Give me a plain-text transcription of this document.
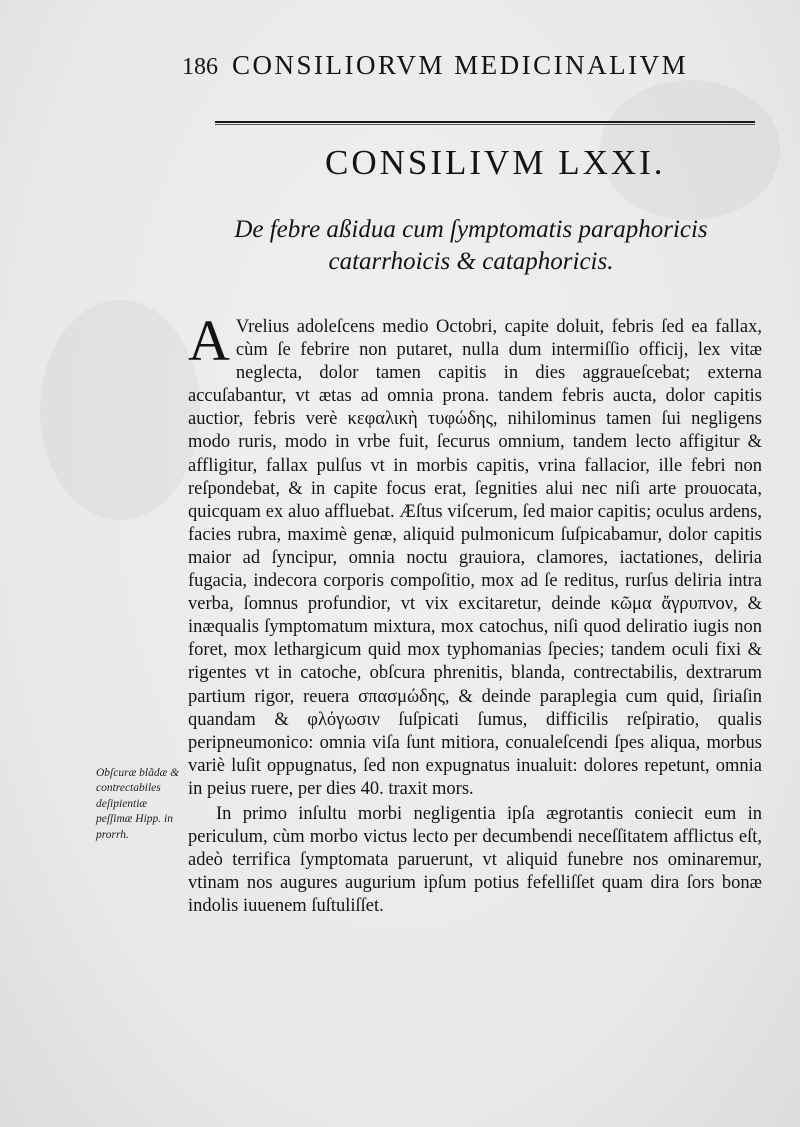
186 CONSILIORVM MEDICINALIVM
CONSILIVM LXXI.
De febre aßidua cum ſymptomatis paraphoricis catarrhoicis & cataphoricis.

AVrelius adoleſcens medio Octobri, capite doluit, febris ſed ea fallax, cùm ſe febrire non putaret, nulla dum intermiſſio officij, lex vitæ neglecta, dolor tamen capitis in dies aggraueſcebat; externa accuſabantur, vt ætas ad omnia prona. tandem febris aucta, dolor capitis auctior, febris verè κεφαλικὴ τυφώδης, nihilominus tamen ſui negligens modo ruris, modo in vrbe fuit, ſecurus omnium, tandem lecto affigitur & affligitur, fallax pulſus vt in morbis capitis, vrina fallacior, ille febri non reſpondebat, & in capite focus erat, ſegnities alui nec niſi arte prouocata, quicquam ex aluo affluebat. Æſtus viſcerum, ſed maior capitis; oculus ardens, facies rubra, maximè genæ, aliquid pulmonicum ſuſpicabamur, dolor capitis maior ad ſyncipur, omnia noctu grauiora, clamores, iactationes, deliria fugacia, indecora corporis compoſitio, mox ad ſe reditus, rurſus deliria intra verba, ſomnus profundior, vt vix excitaretur, deinde κῶμα ἄγρυπνον, & inæqualis ſymptomatum mixtura, mox catochus, niſi quod deliratio iugis non foret, mox lethargicum quid mox typhomanias ſpecies; tandem oculi fixi & rigentes vt in catoche, obſcura phrenitis, blanda, contrectabilis, dextrarum partium rigor, reuera σπασμώδης, & deinde paraplegia cum quid, ſiriaſin quandam & φλόγωσιν ſuſpicati ſumus, difficilis reſpiratio, qualis peripneumonico: omnia viſa ſunt mitiora, conualeſcendi ſpes aliqua, morbus variè luſit oppugnatus, ſed non expugnatus inualuit: dolores repetunt, omnia in peius ruere, per dies 40. traxit mors.

In primo inſultu morbi negligentia ipſa ægrotantis coniecit eum in periculum, cùm morbo victus lecto per decumbendi neceſſitatem afflictus eſt, adeò terrifica ſymptomata paruerunt, vt aliquid funebre nos ominaremur, vtinam nos augures augurium ipſum potius fefelliſſet quam dira ſors bonæ indolis iuuenem ſuſtuliſſet.

Obſcuræ blãdæ & contrectabiles deſipientiæ peſſimæ Hipp. in prorrh.
